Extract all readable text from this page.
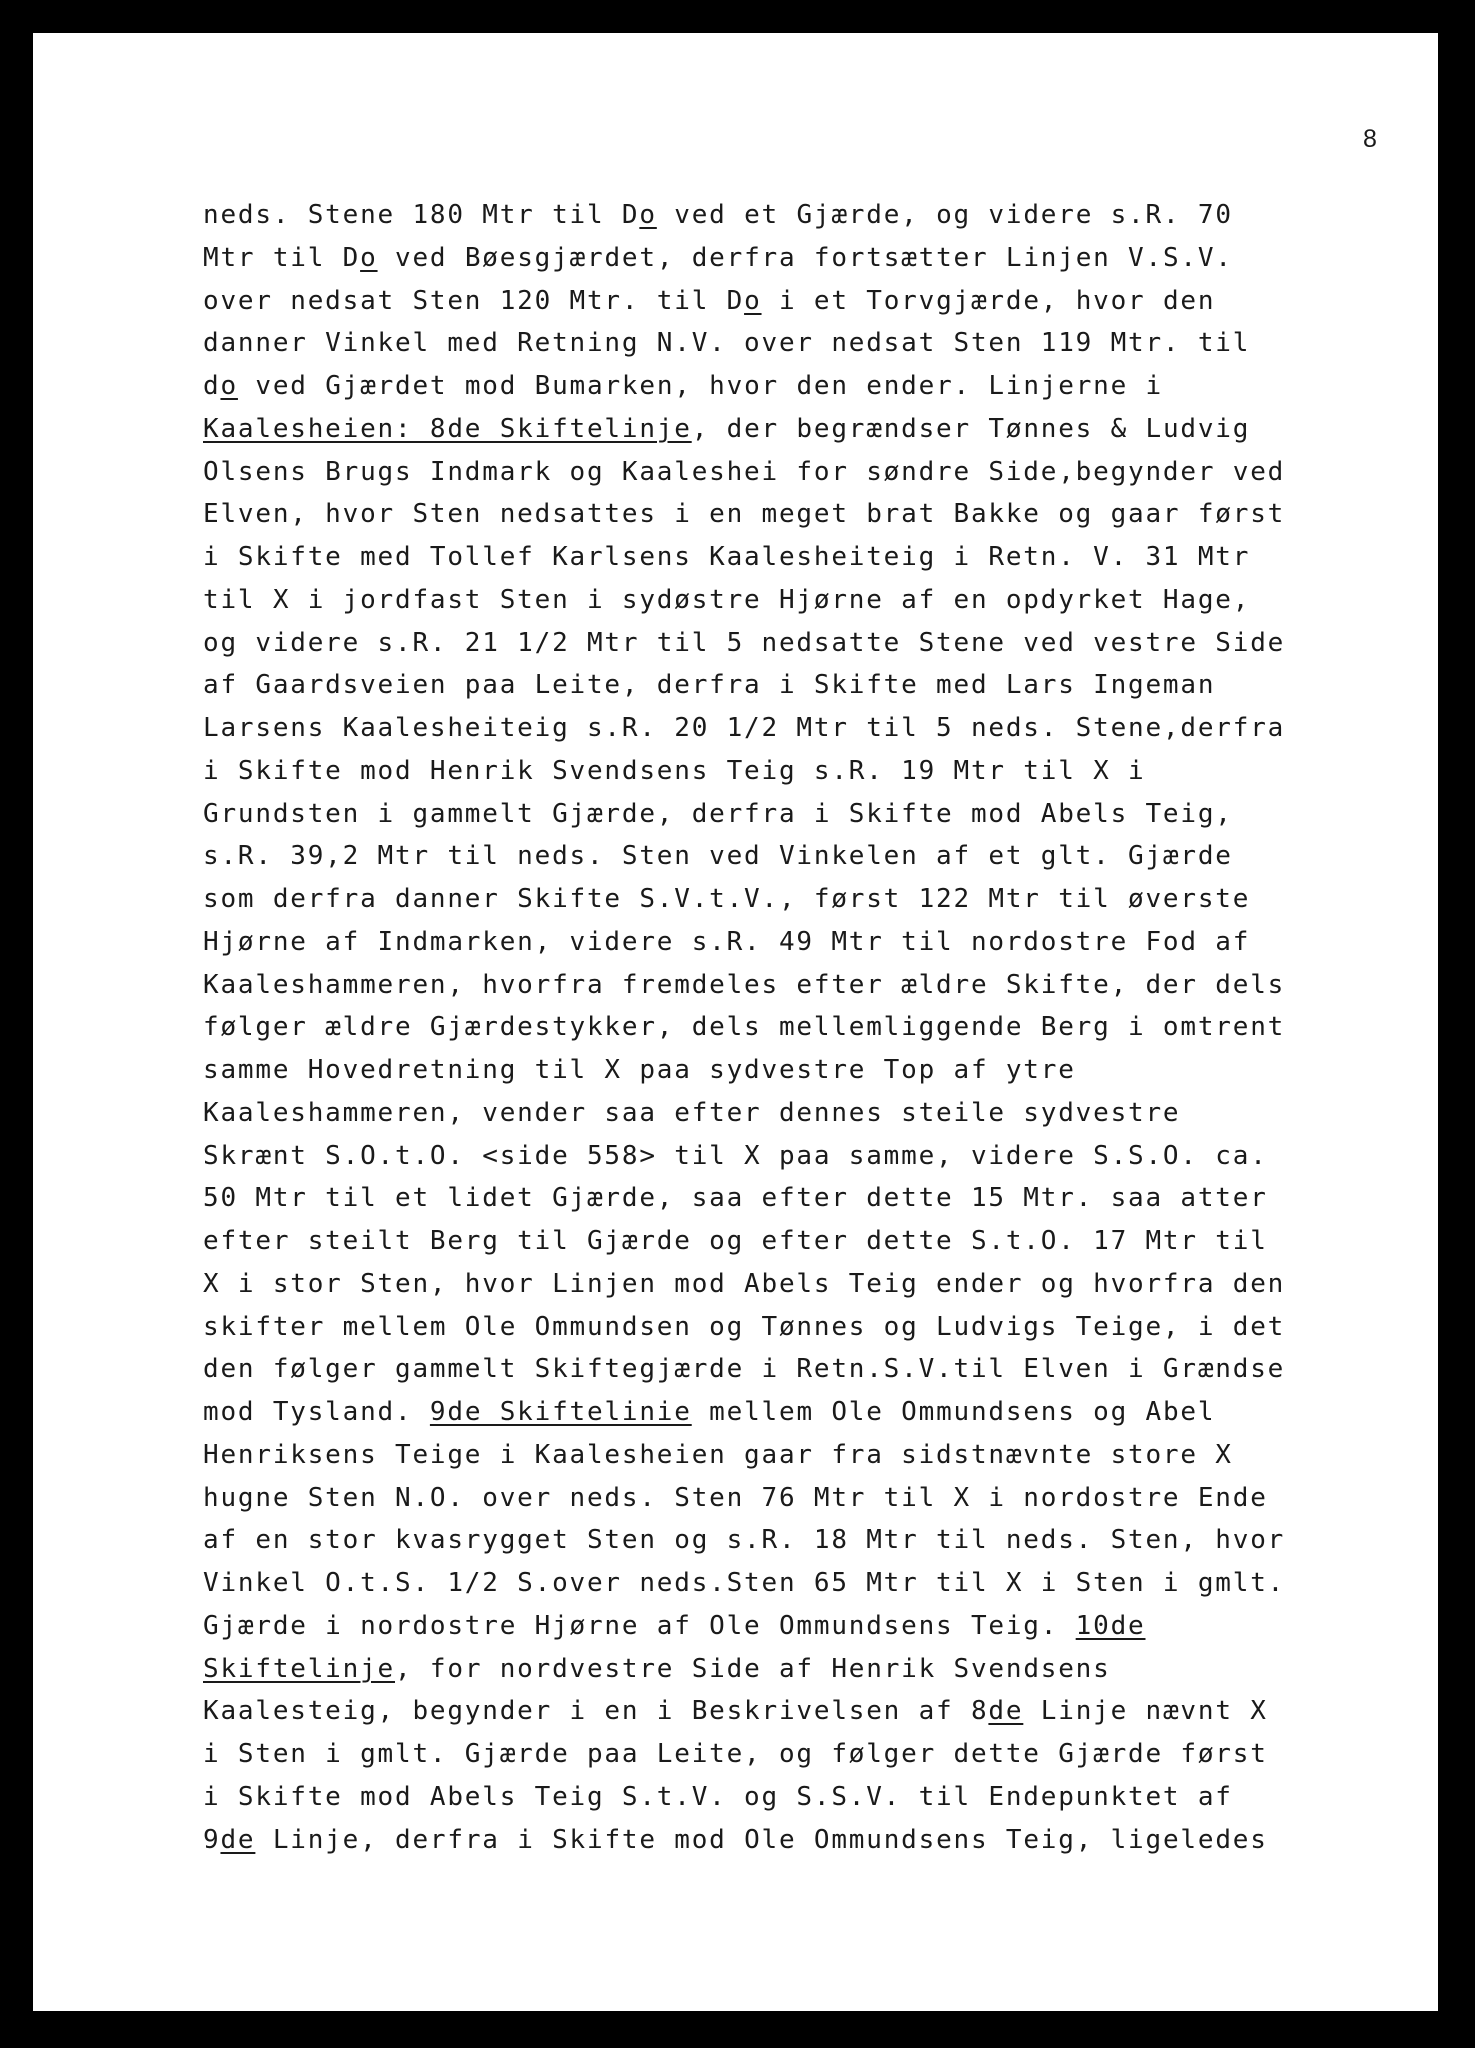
8
neds. Stene 180 Mtr til Do ved et Gjærde, og videre s.R. 70
Mtr til Do ved Bøesgjærdet, derfra fortsætter Linjen V.S.V.
over nedsat Sten 120 Mtr. til Do i et Torvgjærde, hvor den
danner Vinkel med Retning N.V. over nedsat Sten 119 Mtr. til
do ved Gjærdet mod Bumarken, hvor den ender. Linjerne i
Kaalesheien: 8de Skiftelinje, der begrændser Tønnes & Ludvig
Olsens Brugs Indmark og Kaaleshei for søndre Side,begynder ved
Elven, hvor Sten nedsattes i en meget brat Bakke og gaar først
i Skifte med Tollef Karlsens Kaalesheiteig i Retn. V. 31 Mtr
til X i jordfast Sten i sydøstre Hjørne af en opdyrket Hage,
og videre s.R. 21 1/2 Mtr til 5 nedsatte Stene ved vestre Side
af Gaardsveien paa Leite, derfra i Skifte med Lars Ingeman
Larsens Kaalesheiteig s.R. 20 1/2 Mtr til 5 neds. Stene,derfra
i Skifte mod Henrik Svendsens Teig s.R. 19 Mtr til X i
Grundsten i gammelt Gjærde, derfra i Skifte mod Abels Teig,
s.R. 39,2 Mtr til neds. Sten ved Vinkelen af et glt. Gjærde
som derfra danner Skifte S.V.t.V., først 122 Mtr til øverste
Hjørne af Indmarken, videre s.R. 49 Mtr til nordostre Fod af
Kaaleshammeren, hvorfra fremdeles efter ældre Skifte, der dels
følger ældre Gjærdestykker, dels mellemliggende Berg i omtrent
samme Hovedretning til X paa sydvestre Top af ytre
Kaaleshammeren, vender saa efter dennes steile sydvestre
Skrænt S.O.t.O. <side 558> til X paa samme, videre S.S.O. ca.
50 Mtr til et lidet Gjærde, saa efter dette 15 Mtr. saa atter
efter steilt Berg til Gjærde og efter dette S.t.O. 17 Mtr til
X i stor Sten, hvor Linjen mod Abels Teig ender og hvorfra den
skifter mellem Ole Ommundsen og Tønnes og Ludvigs Teige, i det
den følger gammelt Skiftegjærde i Retn.S.V.til Elven i Grændse
mod Tysland. 9de Skiftelinie mellem Ole Ommundsens og Abel
Henriksens Teige i Kaalesheien gaar fra sidstnævnte store X
hugne Sten N.O. over neds. Sten 76 Mtr til X i nordostre Ende
af en stor kvasrygget Sten og s.R. 18 Mtr til neds. Sten, hvor
Vinkel O.t.S. 1/2 S.over neds.Sten 65 Mtr til X i Sten i gmlt.
Gjærde i nordostre Hjørne af Ole Ommundsens Teig. 10de
Skiftelinje, for nordvestre Side af Henrik Svendsens
Kaalesteig, begynder i en i Beskrivelsen af 8de Linje nævnt X
i Sten i gmlt. Gjærde paa Leite, og følger dette Gjærde først
i Skifte mod Abels Teig S.t.V. og S.S.V. til Endepunktet af
9de Linje, derfra i Skifte mod Ole Ommundsens Teig, ligeledes
